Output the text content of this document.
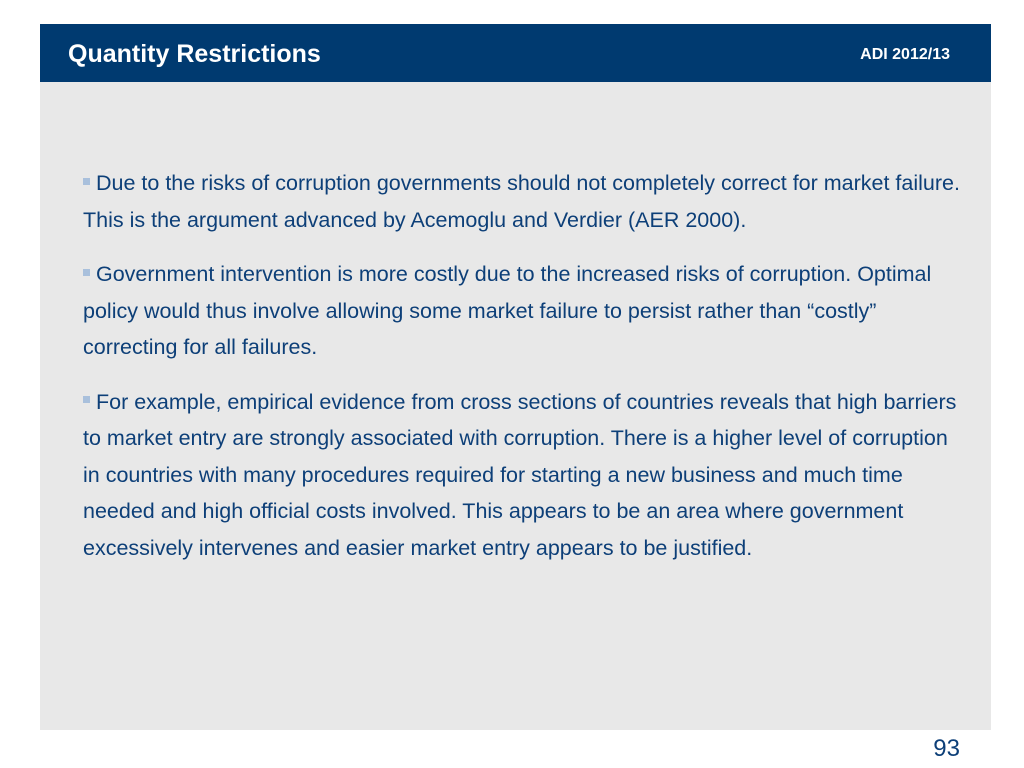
Quantity Restrictions	ADI 2012/13
Due to the risks of corruption governments should not completely correct for market failure. This is the argument advanced by Acemoglu and Verdier (AER 2000).
Government intervention is more costly due to the increased risks of corruption. Optimal policy would thus involve allowing some market failure to persist rather than “costly” correcting for all failures.
For example, empirical evidence from cross sections of countries reveals that high barriers to market entry are strongly associated with corruption. There is a higher level of corruption in countries with many procedures required for starting a new business and much time needed and high official costs involved. This appears to be an area where government excessively intervenes and easier market entry appears to be justified.
93
